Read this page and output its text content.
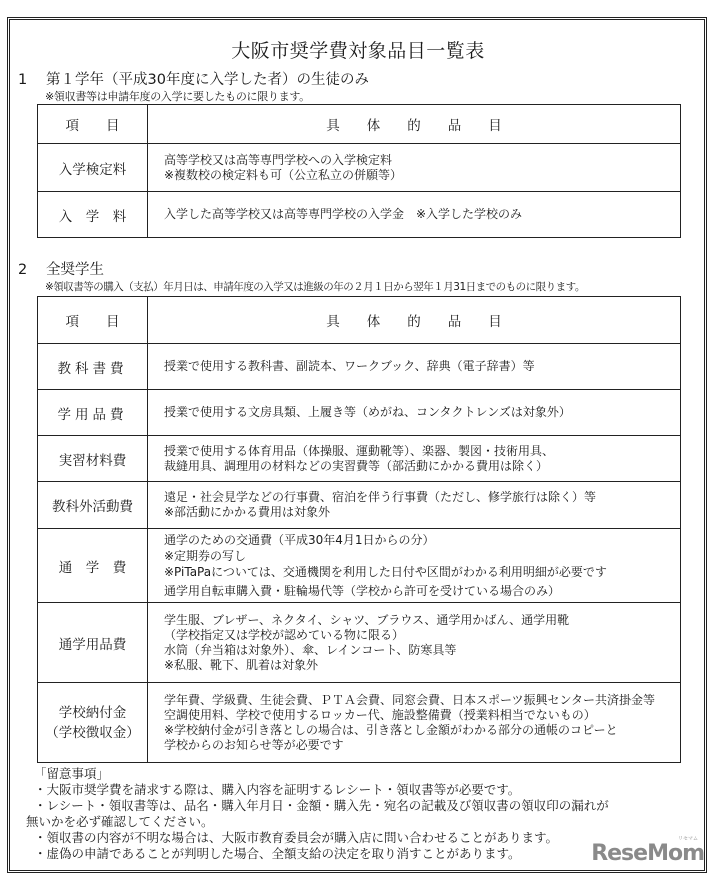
大阪市奨学費対象品目一覧表
1 第１学年（平成30年度に入学した者）の生徒のみ
※領収書等は申請年度の入学に要したものに限ります。
項　　目	具　　体　　的　　品　　目
入学検定料	高等学校又は高等専門学校への入学検定料
※複数校の検定料も可（公立私立の併願等）

入　学　料	入学した高等学校又は高等専門学校の入学金　※入学した学校のみ
2 全奨学生
※領収書等の購入（支払）年月日は、申請年度の入学又は進級の年の２月１日から翌年１月31日までのものに限ります。
項　　目	具　　体　　的　　品　　目
教科書費	授業で使用する教科書、副読本、ワークブック、辞典（電子辞書）等

学用品費	授業で使用する文房具類、上履き等（めがね、コンタクトレンズは対象外）

実習材料費	授業で使用する体育用品（体操服、運動靴等）、楽器、製図・技術用具、
裁縫用具、調理用の材料などの実習費等（部活動にかかる費用は除く）

教科外活動費	遠足・社会見学などの行事費、宿泊を伴う行事費（ただし、修学旅行は除く）等
※部活動にかかる費用は対象外

通　学　費	通学のための交通費（平成30年4月1日からの分）
※定期券の写し
※PiTaPaについては、交通機関を利用した日付や区間がわかる利用明細が必要です
通学用自転車購入費・駐輪場代等（学校から許可を受けている場合のみ）

通学用品費	学生服、ブレザー、ネクタイ、シャツ、ブラウス、通学用かばん、通学用靴
（学校指定又は学校が認めている物に限る）
水筒（弁当箱は対象外）、傘、レインコート、防寒具等
※私服、靴下、肌着は対象外

学校納付金
（学校徴収金）	学年費、学級費、生徒会費、ＰＴＡ会費、同窓会費、日本スポーツ振興センター共済掛金等
空調使用料、学校で使用するロッカー代、施設整備費（授業料相当でないもの）
※学校納付金が引き落としの場合は、引き落とし金額がわかる部分の通帳のコピーと
学校からのお知らせ等が必要です
「留意事項」
・大阪市奨学費を請求する際は、購入内容を証明するレシート・領収書等が必要です。
・レシート・領収書等は、品名・購入年月日・金額・購入先・宛名の記載及び領収書の領収印の漏れが
無いかを必ず確認してください。
・領収書の内容が不明な場合は、大阪市教育委員会が購入店に問い合わせることがあります。
・虚偽の申請であることが判明した場合、全額支給の決定を取り消すことがあります。
リセマム
ReseMom
